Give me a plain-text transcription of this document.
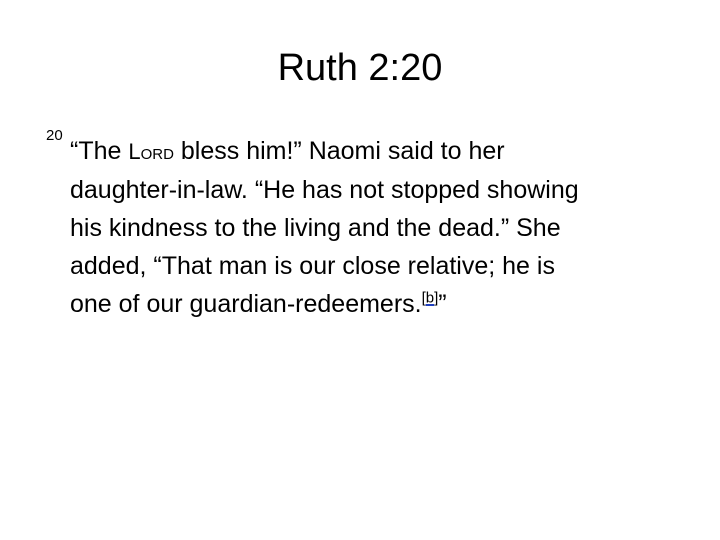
Ruth 2:20
20
“The Lord bless him!” Naomi said to her
daughter-in-law. “He has not stopped showing
his kindness to the living and the dead.” She
added, “That man is our close relative; he is
one of our guardian-redeemers.[b]”
